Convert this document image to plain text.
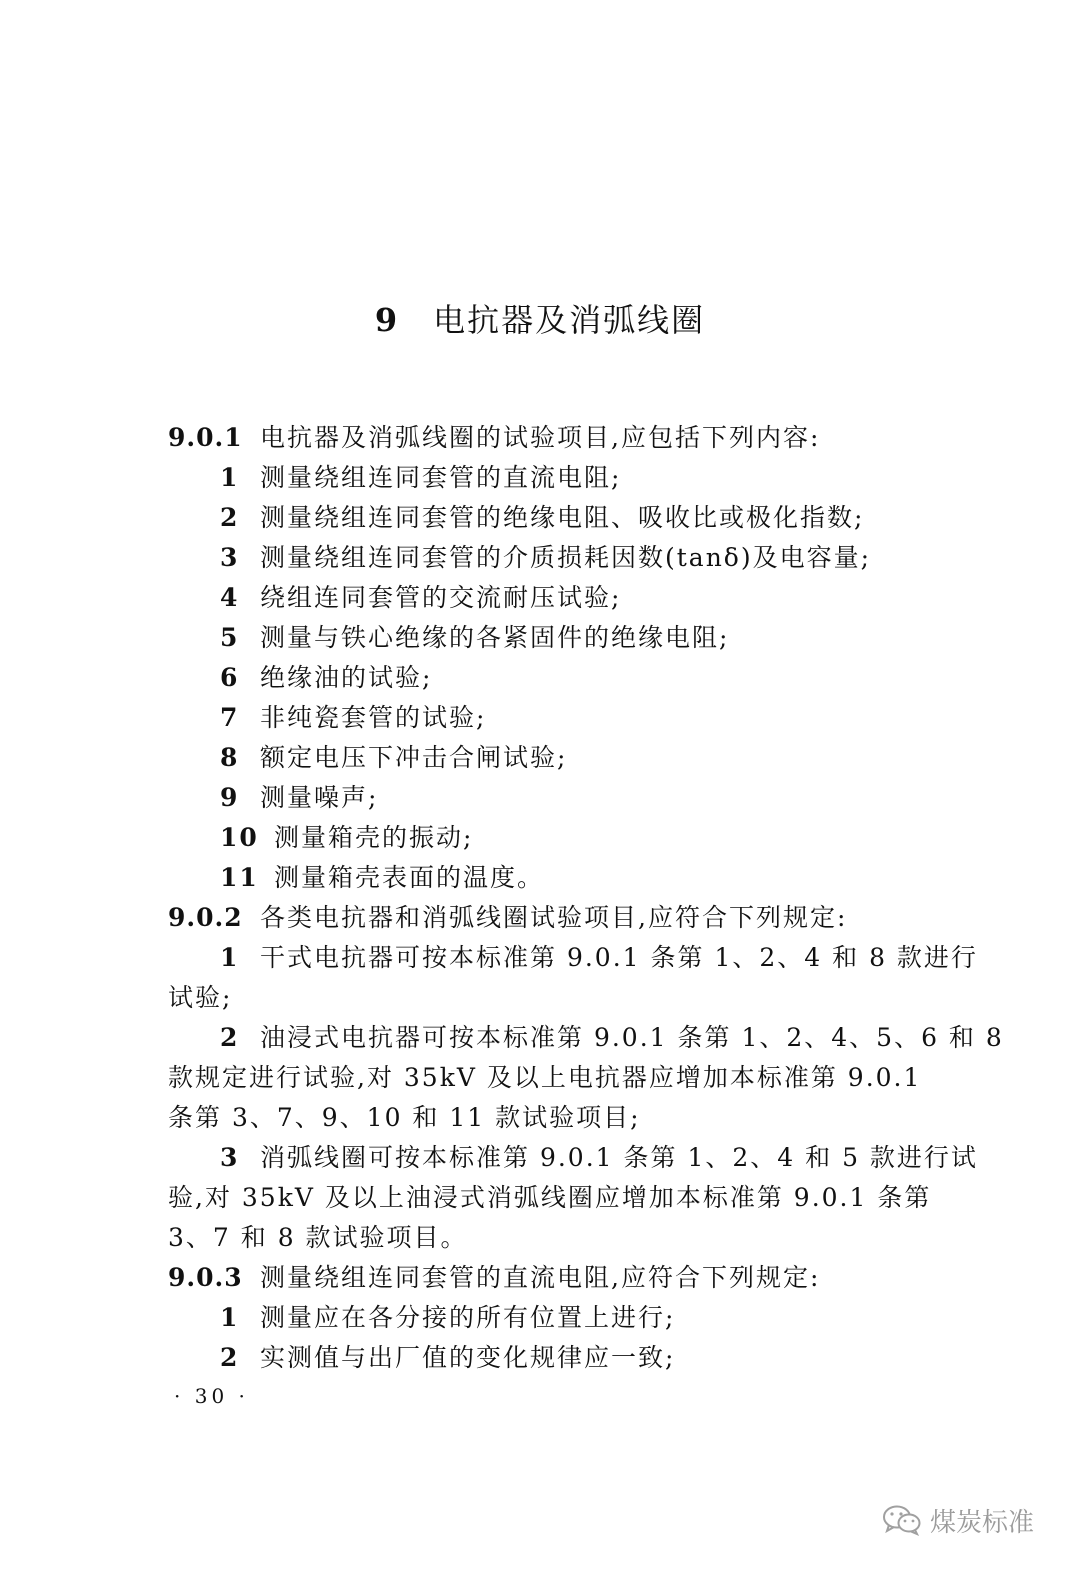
9 电抗器及消弧线圈
9.0.1 电抗器及消弧线圈的试验项目,应包括下列内容:
1 测量绕组连同套管的直流电阻;
2 测量绕组连同套管的绝缘电阻、吸收比或极化指数;
3 测量绕组连同套管的介质损耗因数(tanδ)及电容量;
4 绕组连同套管的交流耐压试验;
5 测量与铁心绝缘的各紧固件的绝缘电阻;
6 绝缘油的试验;
7 非纯瓷套管的试验;
8 额定电压下冲击合闸试验;
9 测量噪声;
10 测量箱壳的振动;
11 测量箱壳表面的温度。
9.0.2 各类电抗器和消弧线圈试验项目,应符合下列规定:
1 干式电抗器可按本标准第 9.0.1 条第 1、2、4 和 8 款进行
试验;
2 油浸式电抗器可按本标准第 9.0.1 条第 1、2、4、5、6 和 8
款规定进行试验,对 35kV 及以上电抗器应增加本标准第 9.0.1
条第 3、7、9、10 和 11 款试验项目;
3 消弧线圈可按本标准第 9.0.1 条第 1、2、4 和 5 款进行试
验,对 35kV 及以上油浸式消弧线圈应增加本标准第 9.0.1 条第
3、7 和 8 款试验项目。
9.0.3 测量绕组连同套管的直流电阻,应符合下列规定:
1 测量应在各分接的所有位置上进行;
2 实测值与出厂值的变化规律应一致;
· 30 ·
煤炭标准
